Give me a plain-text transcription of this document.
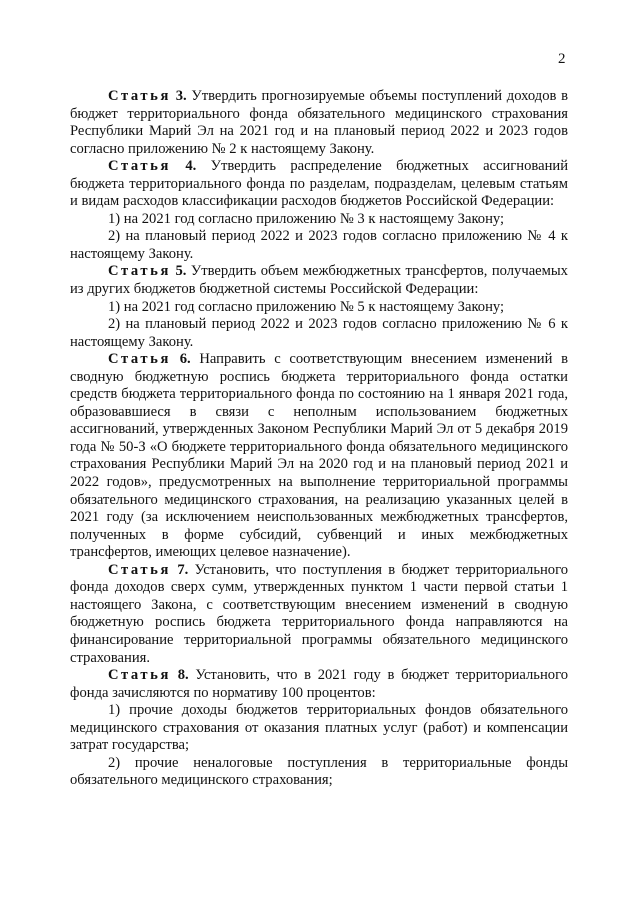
2

Статья 3. Утвердить прогнозируемые объемы поступлений доходов в бюджет территориального фонда обязательного медицинского страхования Республики Марий Эл на 2021 год и на плановый период 2022 и 2023 годов согласно приложению № 2 к настоящему Закону.

Статья 4. Утвердить распределение бюджетных ассигнований бюджета территориального фонда по разделам, подразделам, целевым статьям и видам расходов классификации расходов бюджетов Российской Федерации:

1) на 2021 год согласно приложению № 3 к настоящему Закону;

2) на плановый период 2022 и 2023 годов согласно приложению № 4 к настоящему Закону.

Статья 5. Утвердить объем межбюджетных трансфертов, получаемых из других бюджетов бюджетной системы Российской Федерации:

1) на 2021 год согласно приложению № 5 к настоящему Закону;

2) на плановый период 2022 и 2023 годов согласно приложению № 6 к настоящему Закону.

Статья 6. Направить с соответствующим внесением изменений в сводную бюджетную роспись бюджета территориального фонда остатки средств бюджета территориального фонда по состоянию на 1 января 2021 года, образовавшиеся в связи с неполным использованием бюджетных ассигнований, утвержденных Законом Республики Марий Эл от 5 декабря 2019 года № 50-З «О бюджете территориального фонда обязательного медицинского страхования Республики Марий Эл на 2020 год и на плановый период 2021 и 2022 годов», предусмотренных на выполнение территориальной программы обязательного медицинского страхования, на реализацию указанных целей в 2021 году (за исключением неиспользованных межбюджетных трансфертов, полученных в форме субсидий, субвенций и иных межбюджетных трансфертов, имеющих целевое назначение).

Статья 7. Установить, что поступления в бюджет территориального фонда доходов сверх сумм, утвержденных пунктом 1 части первой статьи 1 настоящего Закона, с соответствующим внесением изменений в сводную бюджетную роспись бюджета территориального фонда направляются на финансирование территориальной программы обязательного медицинского страхования.

Статья 8. Установить, что в 2021 году в бюджет территориального фонда зачисляются по нормативу 100 процентов:

1) прочие доходы бюджетов территориальных фондов обязательного медицинского страхования от оказания платных услуг (работ) и компенсации затрат государства;

2) прочие неналоговые поступления в территориальные фонды обязательного медицинского страхования;
